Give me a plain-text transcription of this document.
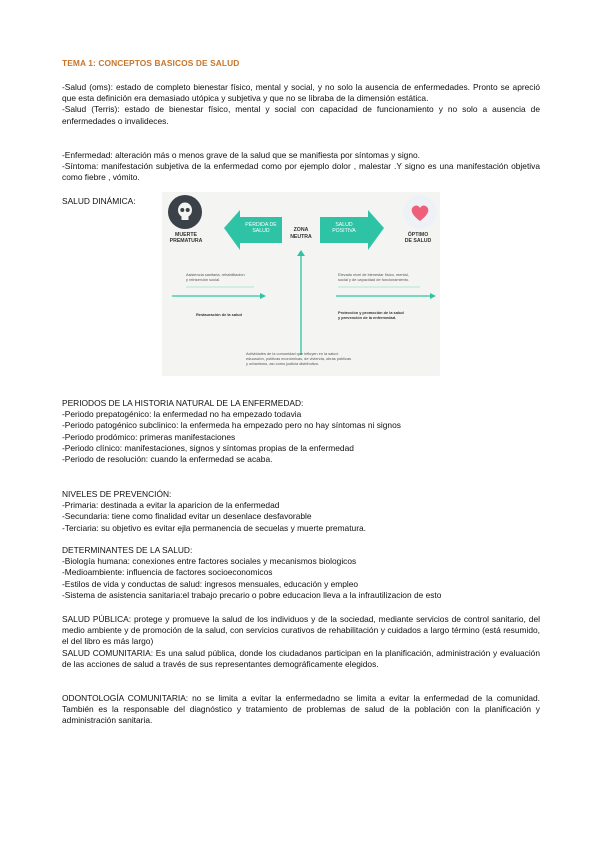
TEMA 1: CONCEPTOS BASICOS DE SALUD

-Salud (oms): estado de completo bienestar físico, mental y social, y no solo la ausencia de enfermedades. Pronto se apreció que esta definición era demasiado utópica y subjetiva y que no se libraba de la dimensión estática.

-Salud (Terris): estado de bienestar físico, mental y social con capacidad de funcionamiento y no solo a ausencia de enfermedades o invalideces.

-Enfermedad: alteración más o menos grave de la salud que se manifiesta por síntomas y signo.

-Síntoma: manifestación subjetiva de la enfermedad como por ejemplo dolor , malestar .Y signo es una manifestación objetiva como fiebre , vómito.

SALUD DINÁMICA:
MUERTE
PREMATURA
PÉRDIDA DE
SALUD	ZONA
NEUTRA
SALUD
POSITIVA
ÓPTIMO
DE SALUD
Asistencia sanitaria, rehabilitación
y reinserción social.
Elevado nivel de bienestar físico, mental,
social y de capacidad de funcionamiento.
Restauración de la salud	Protección y promoción de la salud
y prevención de la enfermedad.
Actividades de la comunidad que influyen en la salud:
educación, políticas económicas, de vivienda, obras públicas
y urbanismo, así como justicia distributiva.
PERIODOS DE LA HISTORIA NATURAL DE LA ENFERMEDAD:
-Periodo prepatogénico: la enfermedad no ha empezado todavia
-Periodo patogénico subclinico: la enfermeda ha empezado pero no hay síntomas ni signos
-Periodo prodómico: primeras manifestaciones
-Periodo clínico: manifestaciones, signos y síntomas propias de la enfermedad
-Periodo de resolución: cuando la enfermedad se acaba.
NIVELES DE PREVENCIÓN:
-Primaria: destinada a evitar la aparicion de la enfermedad
-Secundaria: tiene como finalidad evitar un desenlace desfavorable
-Terciaria: su objetivo es evitar ejla permanencia de secuelas y muerte prematura.
DETERMINANTES DE LA SALUD:
-Biología humana: conexiones entre factores sociales y mecanismos biologicos
-Medioambiente: influencia de factores socioeconomicos
-Estilos de vida y conductas de salud: ingresos mensuales, educación y empleo
-Sistema de asistencia sanitaria:el trabajo precario o pobre educacion lleva a la infrautilizacion de esto

SALUD PÚBLICA: protege y promueve la salud de los individuos y de la sociedad, mediante servicios de control sanitario, del medio ambiente y de promoción de la salud, con servicios curativos de rehabilitación y cuidados a largo término (está resumido, el del libro es más largo)

SALUD COMUNITARIA: Es una salud pública, donde los ciudadanos participan en la planificación, administración y evaluación de las acciones de salud a través de sus representantes demográficamente elegidos.

ODONTOLOGÍA COMUNITARIA: no se limita a evitar la enfermedadno se limita a evitar la enfermedad de la comunidad. También es la responsable del diagnóstico y tratamiento de problemas de salud de la población con la planificación y administración sanitaria.
